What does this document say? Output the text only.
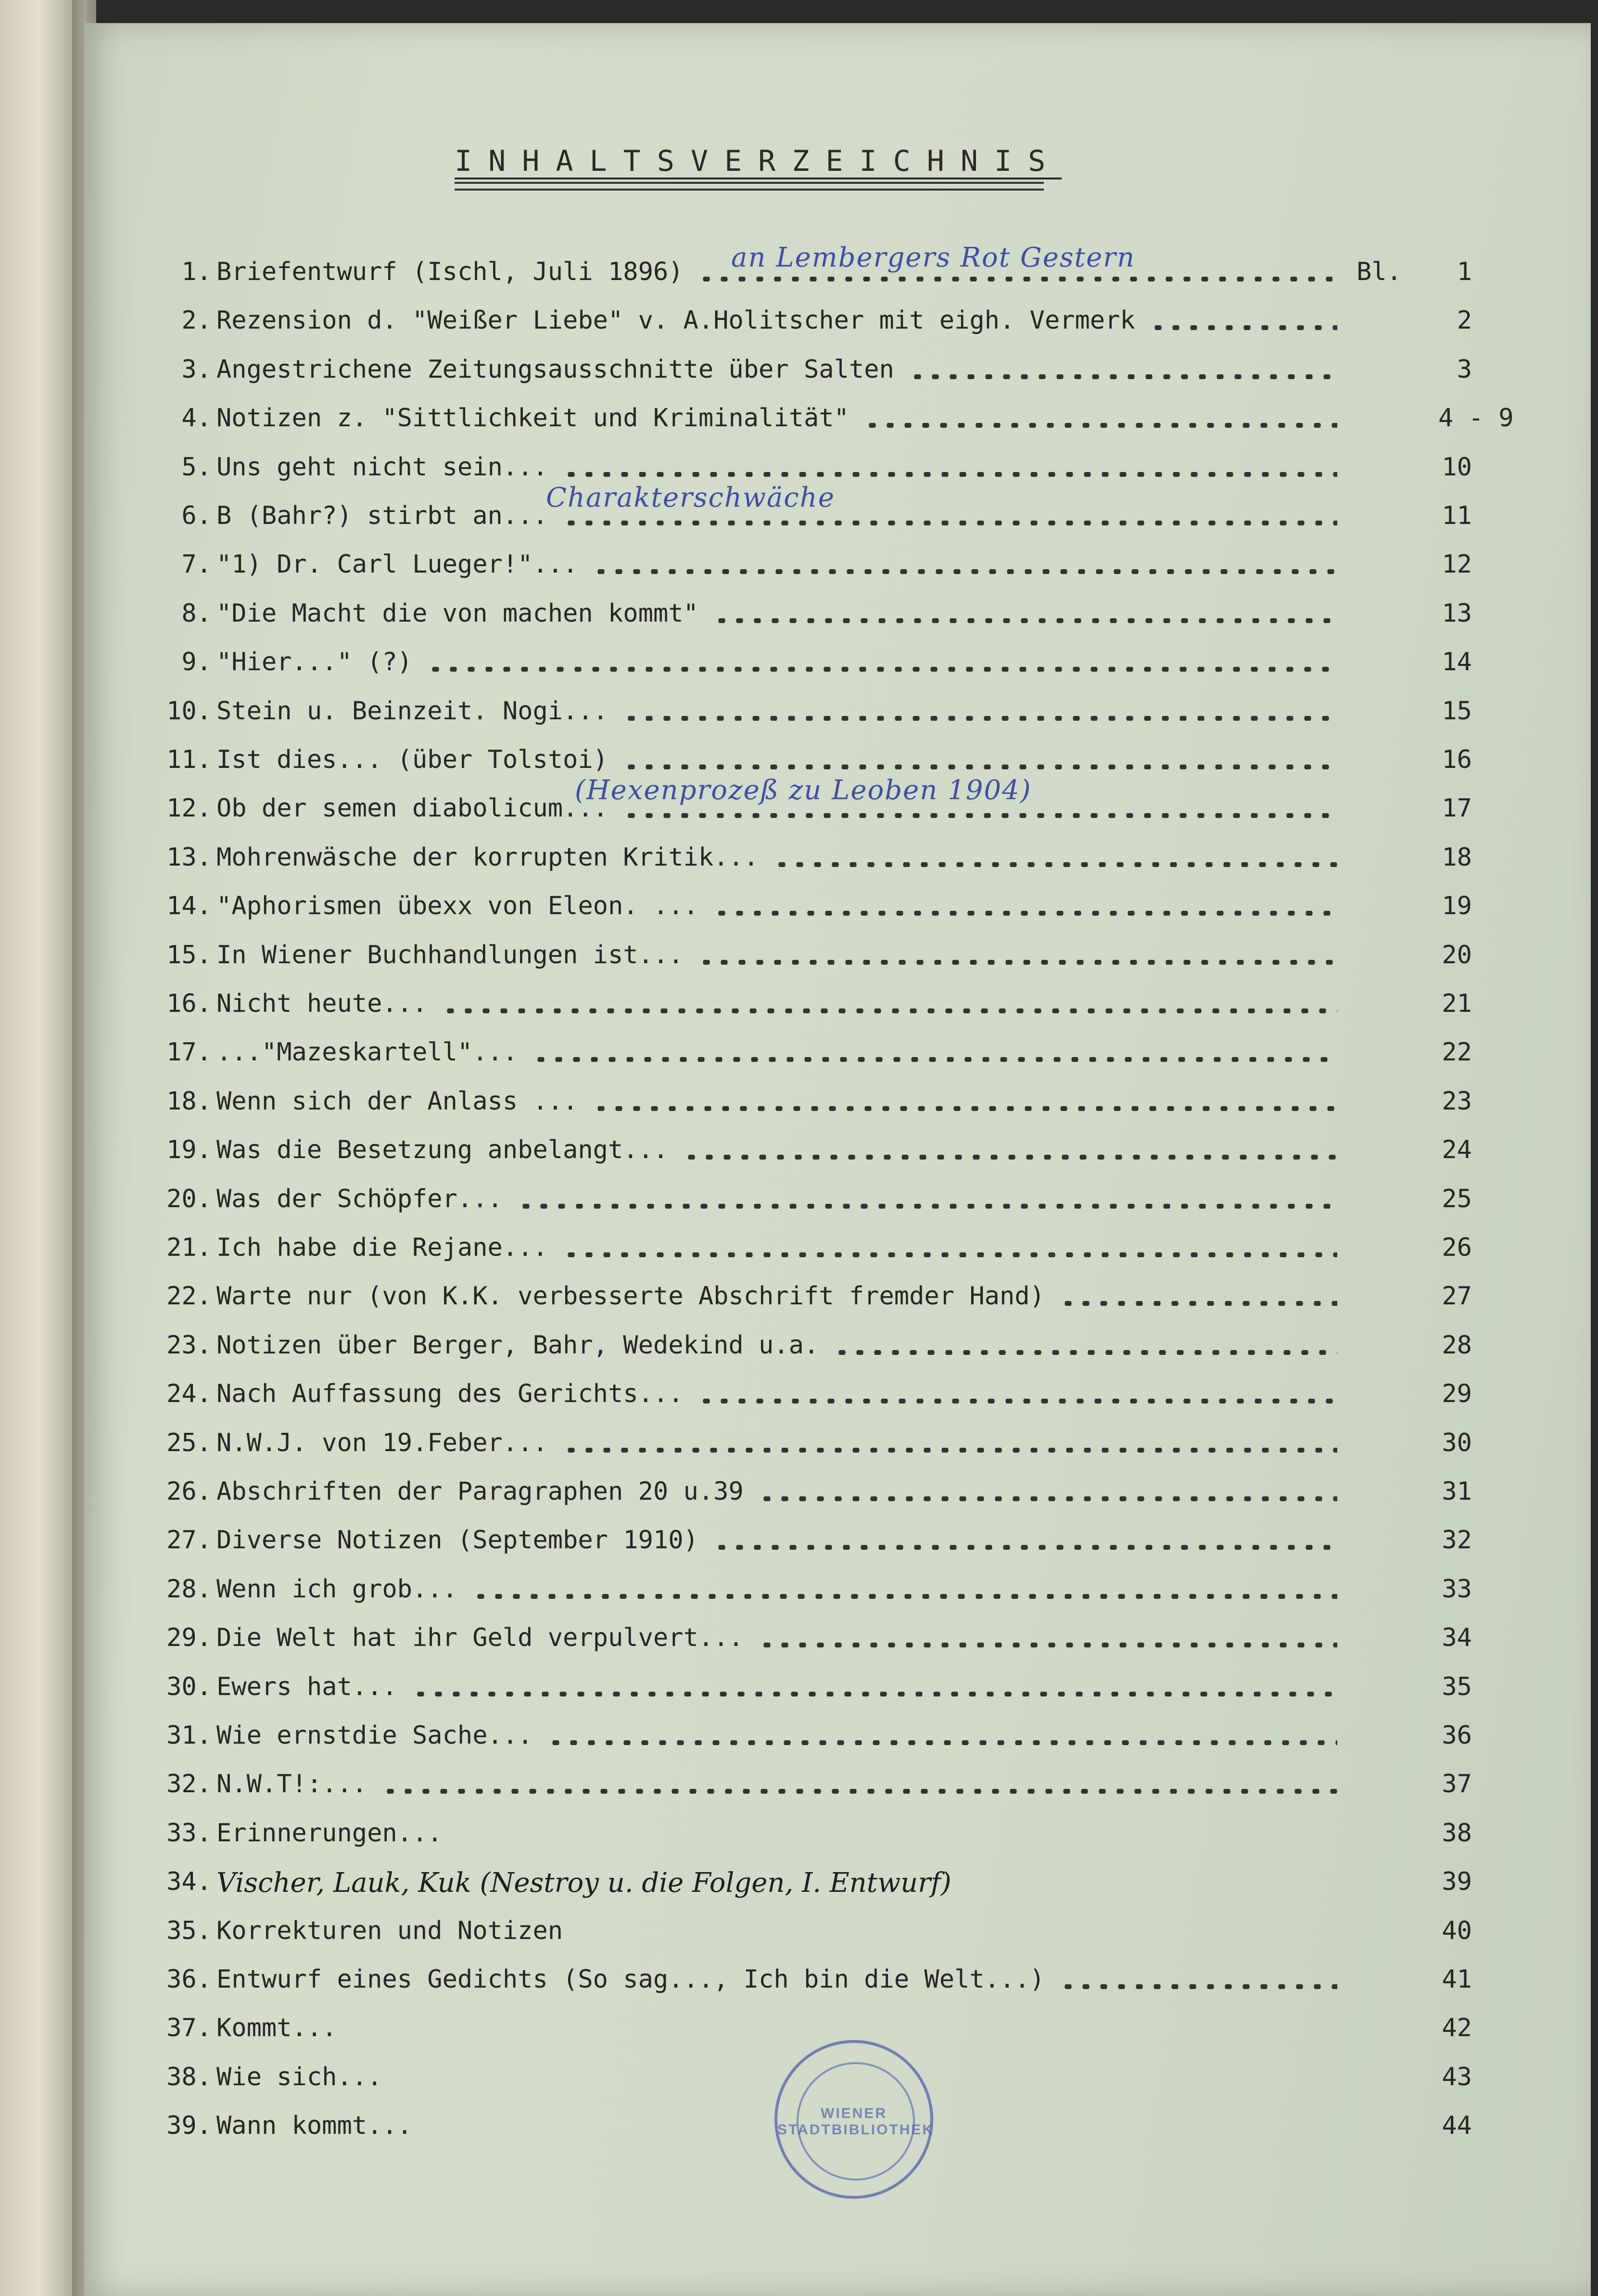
INHALTSVERZEICHNIS
1. Briefentwurf (Ischl, Juli 1896)	Bl.	1
an Lembergers Rot Gestern
2. Rezension d. "Weißer Liebe" v. A.Holitscher mit eigh. Vermerk	2
3. Angestrichene Zeitungsausschnitte über Salten	3
4. Notizen z. "Sittlichkeit und Kriminalität"	4 - 9
5. Uns geht nicht sein...	10
6. B (Bahr?) stirbt an...	11
Charakterschwäche
7. "1) Dr. Carl Lueger!"...	12
8. "Die Macht die von machen kommt"	13
9. "Hier..." (?)	14
10. Stein u. Beinzeit. Nogi...	15
11. Ist dies... (über Tolstoi)	16
12. Ob der semen diabolicum...	17
(Hexenprozeß zu Leoben 1904)
13. Mohrenwäsche der korrupten Kritik...	18
14. "Aphorismen übexx von Eleon. ...	19
15. In Wiener Buchhandlungen ist...	20
16. Nicht heute...	21
17. ..."Mazeskartell"...	22
18. Wenn sich der Anlass ...	23
19. Was die Besetzung anbelangt...	24
20. Was der Schöpfer...	25
21. Ich habe die Rejane...	26
22. Warte nur (von K.K. verbesserte Abschrift fremder Hand)	27
23. Notizen über Berger, Bahr, Wedekind u.a.	28
24. Nach Auffassung des Gerichts...	29
25. N.W.J. von 19.Feber...	30
26. Abschriften der Paragraphen 20 u.39	31
27. Diverse Notizen (September 1910)	32
28. Wenn ich grob...	33
29. Die Welt hat ihr Geld verpulvert...	34
30. Ewers hat...	35
31. Wie ernstdie Sache...	36
32. N.W.T!:...	37
33. Erinnerungen...	38
34. Vischer, Lauk, Kuk (Nestroy u. die Folgen, I. Entwurf)	39
35. Korrekturen und Notizen	40
36. Entwurf eines Gedichts (So sag..., Ich bin die Welt...)	41
37. Kommt...	42
38. Wie sich...	43
39. Wann kommt...	44
WIENER STADTBIBLIOTHEK
